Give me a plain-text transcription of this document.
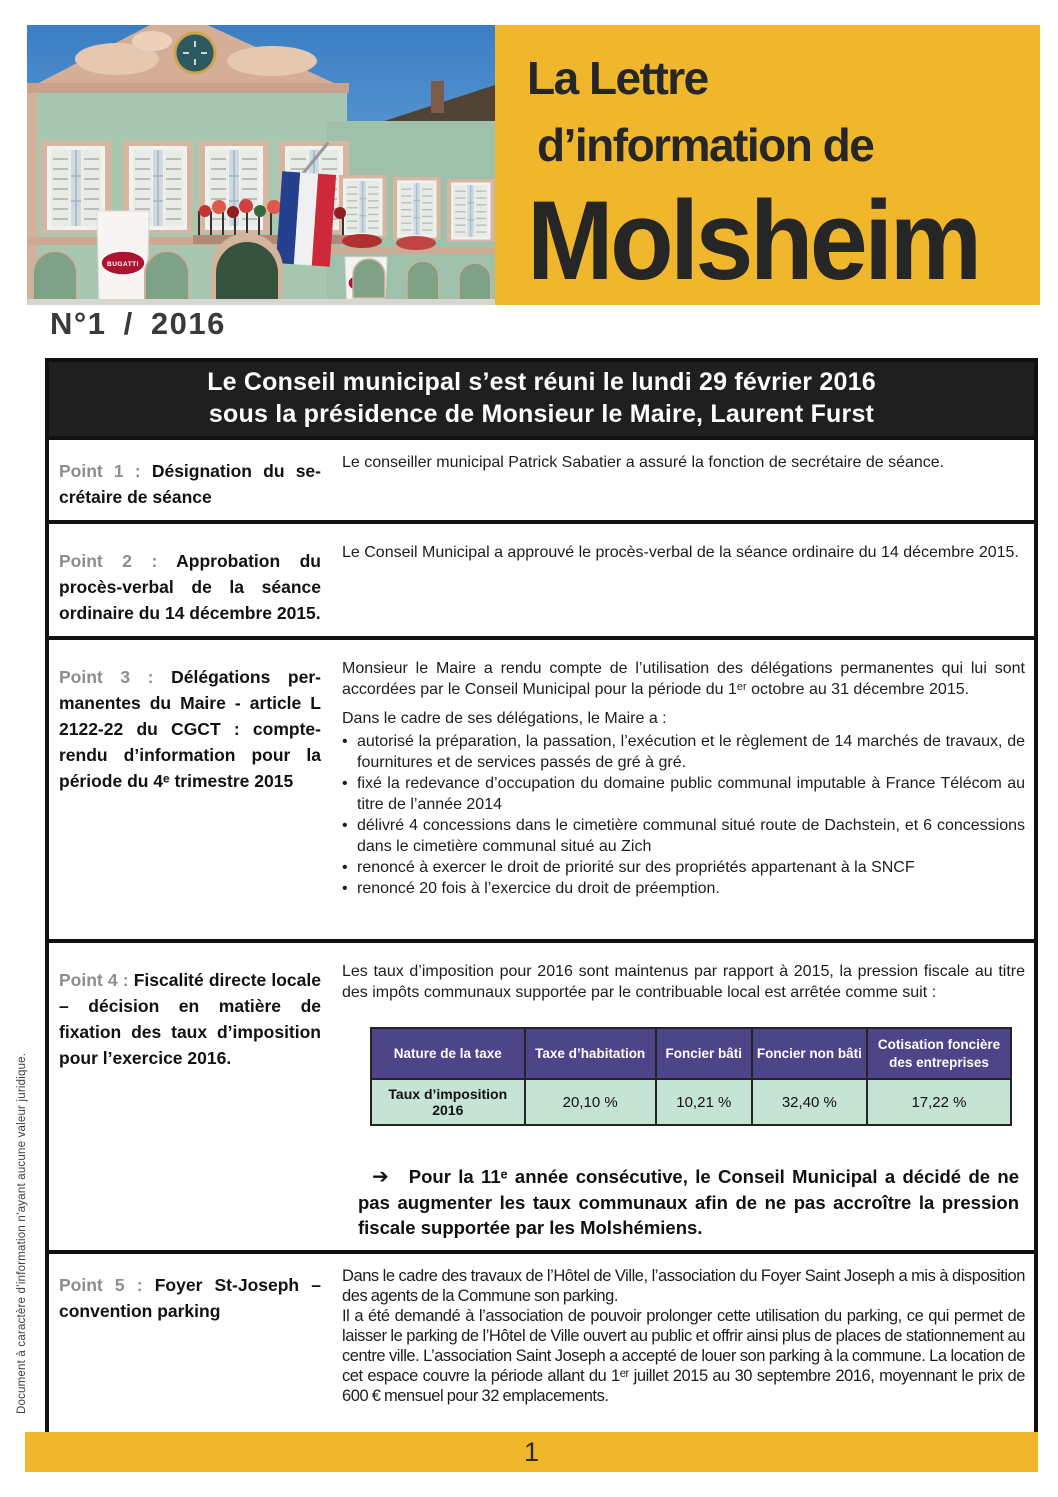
BUGATTI
La Lettre
d’information de
Molsheim
N°1 / 2016
Le Conseil municipal s’est réuni le lundi 29 février 2016
sous la présidence de Monsieur le Maire, Laurent Furst

Point 1 : Désignation du secrétaire de séance

Le conseiller municipal Patrick Sabatier a assuré la fonction de secrétaire de séance.

Point 2 : Approbation du procès-verbal de la séance ordinaire du 14 décembre 2015.

Le Conseil Municipal a approuvé le procès-verbal de la séance ordinaire du 14 décembre 2015.

Point 3 : Délégations permanentes du Maire - article L 2122-22 du CGCT : compte-rendu d’information pour la période du 4ᵉ trimestre 2015

Monsieur le Maire a rendu compte de l’utilisation des délégations permanentes qui lui sont accordées par le Conseil Municipal pour la période du 1ᵉʳ octobre au 31 décembre 2015.

Dans le cadre de ses délégations, le Maire a :

• autorisé la préparation, la passation, l’exécution et le règlement de 14 marchés de travaux, de fournitures et de services passés de gré à gré.
• fixé la redevance d’occupation du domaine public communal imputable à France Télécom au titre de l’année 2014
• délivré 4 concessions dans le cimetière communal situé route de Dachstein, et 6 concessions dans le cimetière communal situé au Zich
• renoncé à exercer le droit de priorité sur des propriétés appartenant à la SNCF
• renoncé 20 fois à l’exercice du droit de préemption.

Point 4 : Fiscalité directe locale – décision en matière de fixation des taux d’imposition pour l’exercice 2016.

Les taux d’imposition pour 2016 sont maintenus par rapport à 2015, la pression fiscale au titre des impôts communaux supportée par le contribuable local est arrêtée comme suit :

Nature de la taxe	Taxe d’habitation	Foncier bâti	Foncier non bâti	Cotisation foncière des entreprises
Taux d’imposition 2016	20,10 %	10,21 %	32,40 %	17,22 %

➔ Pour la 11ᵉ année consécutive, le Conseil Municipal a décidé de ne pas augmenter les taux communaux afin de ne pas accroître la pression fiscale supportée par les Molshémiens.

Point 5 : Foyer St-Joseph – convention parking

Dans le cadre des travaux de l’Hôtel de Ville, l’association du Foyer Saint Joseph a mis à disposition des agents de la Commune son parking.

Il a été demandé à l’association de pouvoir prolonger cette utilisation du parking, ce qui permet de laisser le parking de l’Hôtel de Ville ouvert au public et offrir ainsi plus de places de stationnement au centre ville. L’association Saint Joseph a accepté de louer son parking à la commune. La location de cet espace couvre la période allant du 1ᵉʳ juillet 2015 au 30 septembre 2016, moyennant le prix de 600 € mensuel pour 32 emplacements.

Document à caractère d’information n’ayant aucune valeur juridique.
1
